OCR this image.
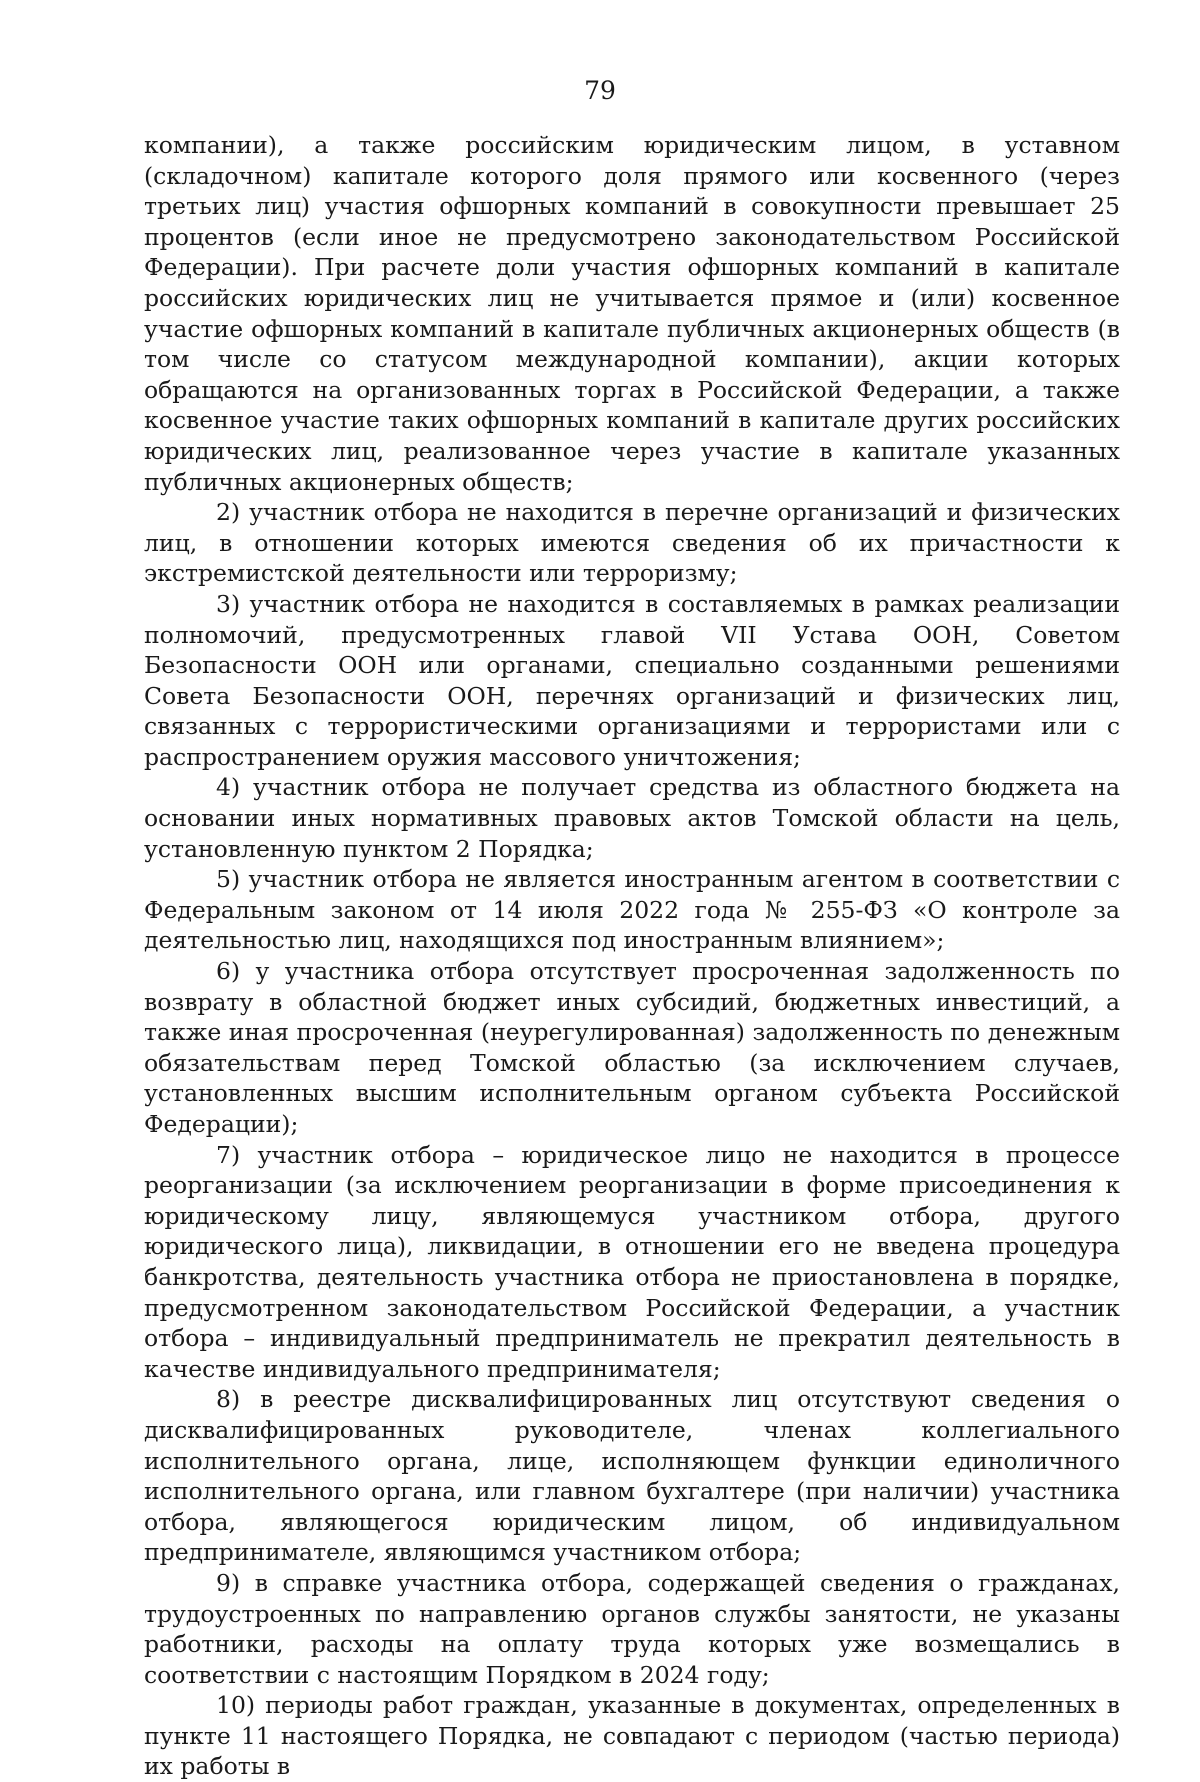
79

компании), а также российским юридическим лицом, в уставном (складочном) капитале которого доля прямого или косвенного (через третьих лиц) участия офшорных компаний в совокупности превышает 25 процентов (если иное не предусмотрено законодательством Российской Федерации). При расчете доли участия офшорных компаний в капитале российских юридических лиц не учитывается прямое и (или) косвенное участие офшорных компаний в капитале публичных акционерных обществ (в том числе со статусом международной компании), акции которых обращаются на организованных торгах в Российской Федерации, а также косвенное участие таких офшорных компаний в капитале других российских юридических лиц, реализованное через участие в капитале указанных публичных акционерных обществ;

2) участник отбора не находится в перечне организаций и физических лиц, в отношении которых имеются сведения об их причастности к экстремистской деятельности или терроризму;

3) участник отбора не находится в составляемых в рамках реализации полномочий, предусмотренных главой VII Устава ООН, Советом Безопасности ООН или органами, специально созданными решениями Совета Безопасности ООН, перечнях организаций и физических лиц, связанных с террористическими организациями и террористами или с распространением оружия массового уничтожения;

4) участник отбора не получает средства из областного бюджета на основании иных нормативных правовых актов Томской области на цель, установленную пунктом 2 Порядка;

5) участник отбора не является иностранным агентом в соответствии с Федеральным законом от 14 июля 2022 года № 255-ФЗ «О контроле за деятельностью лиц, находящихся под иностранным влиянием»;

6) у участника отбора отсутствует просроченная задолженность по возврату в областной бюджет иных субсидий, бюджетных инвестиций, а также иная просроченная (неурегулированная) задолженность по денежным обязательствам перед Томской областью (за исключением случаев, установленных высшим исполнительным органом субъекта Российской Федерации);

7) участник отбора – юридическое лицо не находится в процессе реорганизации (за исключением реорганизации в форме присоединения к юридическому лицу, являющемуся участником отбора, другого юридического лица), ликвидации, в отношении его не введена процедура банкротства, деятельность участника отбора не приостановлена в порядке, предусмотренном законодательством Российской Федерации, а участник отбора – индивидуальный предприниматель не прекратил деятельность в качестве индивидуального предпринимателя;

8) в реестре дисквалифицированных лиц отсутствуют сведения о дисквалифицированных руководителе, членах коллегиального исполнительного органа, лице, исполняющем функции единоличного исполнительного органа, или главном бухгалтере (при наличии) участника отбора, являющегося юридическим лицом, об индивидуальном предпринимателе, являющимся участником отбора;

9) в справке участника отбора, содержащей сведения о гражданах, трудоустроенных по направлению органов службы занятости, не указаны работники, расходы на оплату труда которых уже возмещались в соответствии с настоящим Порядком в 2024 году;

10) периоды работ граждан, указанные в документах, определенных в пункте 11 настоящего Порядка, не совпадают с периодом (частью периода) их работы в
